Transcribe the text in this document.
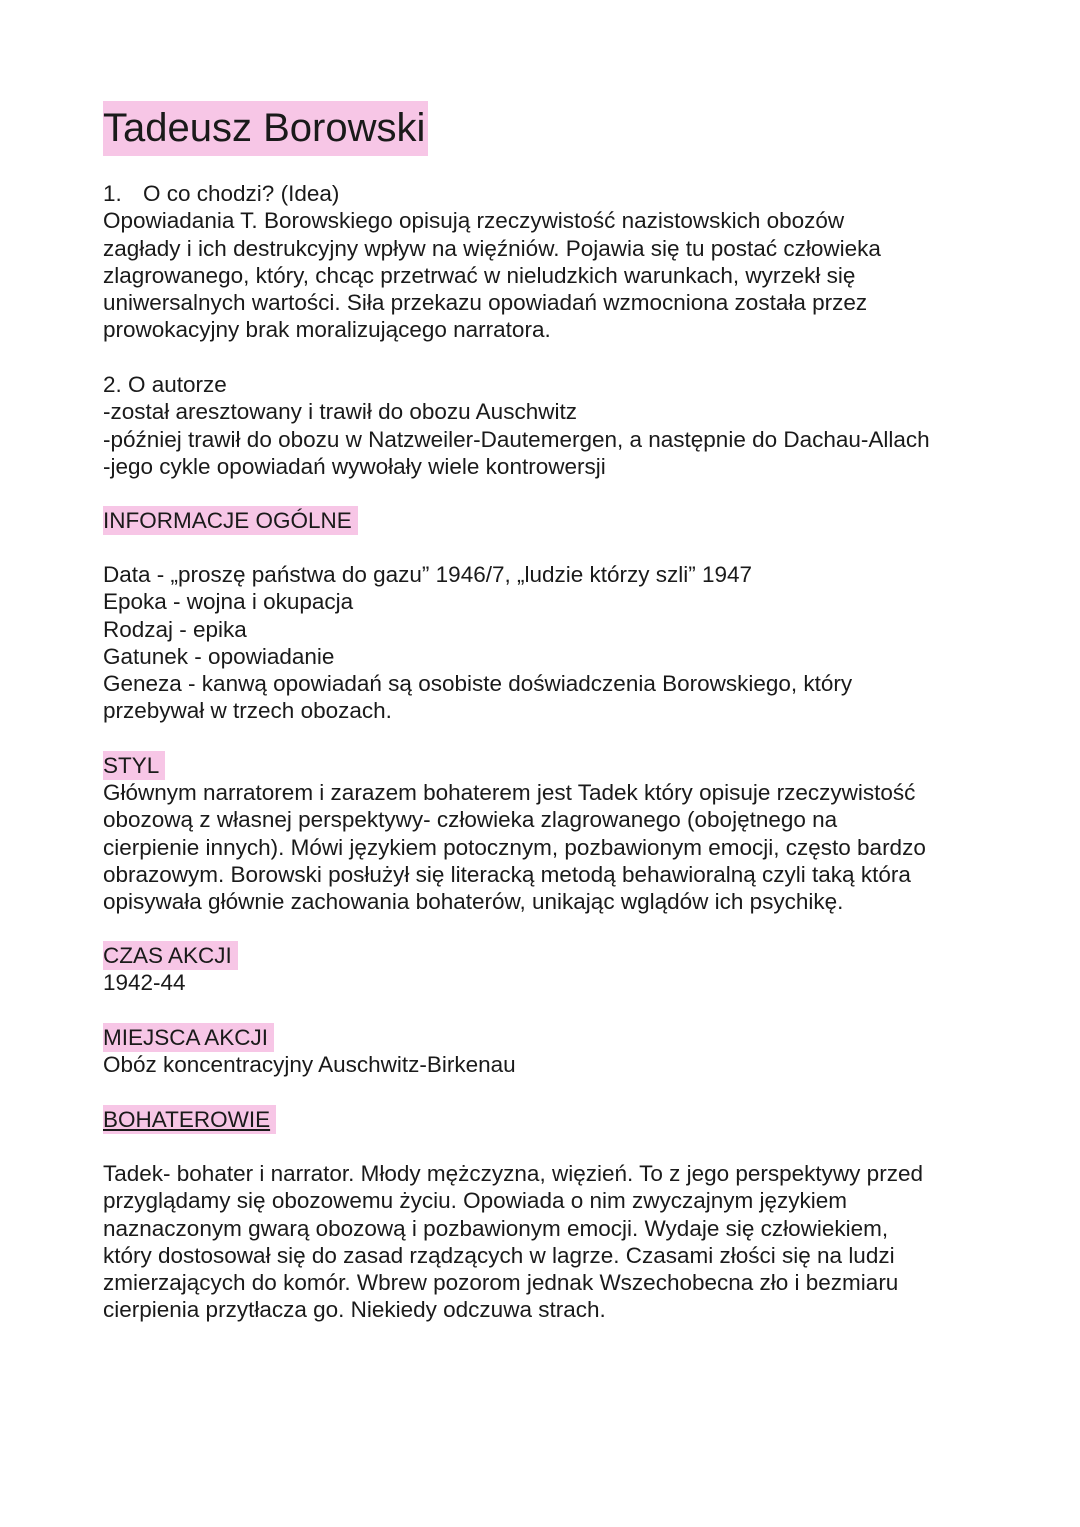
Tadeusz Borowski

1. O co chodzi? (Idea)

Opowiadania T. Borowskiego opisują rzeczywistość nazistowskich obozów

zagłady i ich destrukcyjny wpływ na więźniów. Pojawia się tu postać człowieka

zlagrowanego, który, chcąc przetrwać w nieludzkich warunkach, wyrzekł się

uniwersalnych wartości. Siła przekazu opowiadań wzmocniona została przez

prowokacyjny brak moralizującego narratora.

2. O autorze

-został aresztowany i trawił do obozu Auschwitz

-później trawił do obozu w Natzweiler-Dautemergen, a następnie do Dachau-Allach

-jego cykle opowiadań wywołały wiele kontrowersji

INFORMACJE OGÓLNE

Data - „proszę państwa do gazu” 1946/7, „ludzie którzy szli” 1947

Epoka - wojna i okupacja

Rodzaj - epika

Gatunek - opowiadanie

Geneza - kanwą opowiadań są osobiste doświadczenia Borowskiego, który

przebywał w trzech obozach.

STYL

Głównym narratorem i zarazem bohaterem jest Tadek który opisuje rzeczywistość

obozową z własnej perspektywy- człowieka zlagrowanego (obojętnego na

cierpienie innych). Mówi językiem potocznym, pozbawionym emocji, często bardzo

obrazowym. Borowski posłużył się literacką metodą behawioralną czyli taką która

opisywała głównie zachowania bohaterów, unikając wglądów ich psychikę.

CZAS AKCJI

1942-44

MIEJSCA AKCJI

Obóz koncentracyjny Auschwitz-Birkenau

BOHATEROWIE

Tadek- bohater i narrator. Młody mężczyzna, więzień. To z jego perspektywy przed

przyglądamy się obozowemu życiu. Opowiada o nim zwyczajnym językiem

naznaczonym gwarą obozową i pozbawionym emocji. Wydaje się człowiekiem,

który dostosował się do zasad rządzących w lagrze. Czasami złości się na ludzi

zmierzających do komór. Wbrew pozorom jednak Wszechobecna zło i bezmiaru

cierpienia przytłacza go. Niekiedy odczuwa strach.
